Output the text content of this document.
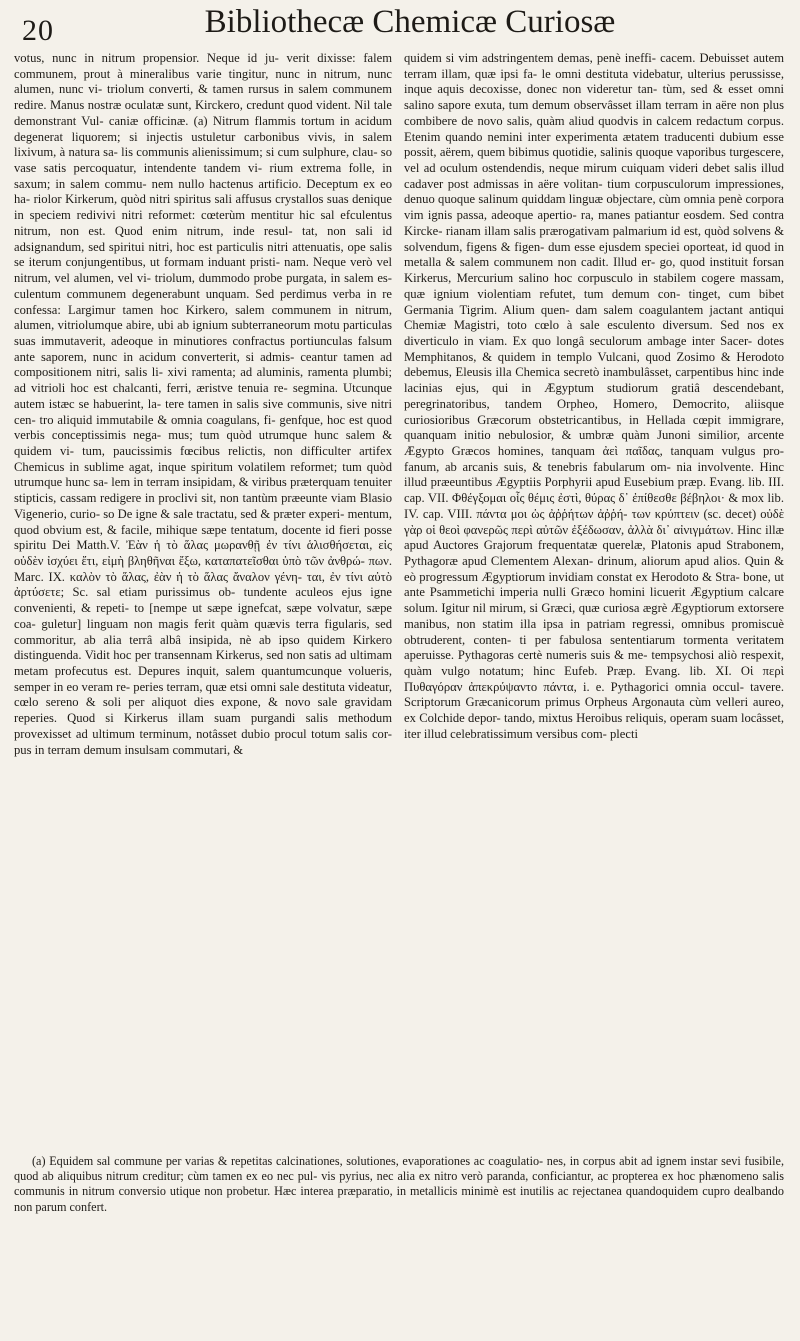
20	Bibliothecæ Chemicæ Curiosæ

votus, nunc in nitrum propensior. Neque id ju- verit dixisse: falem communem, prout à mineralibus varie tingitur, nunc in nitrum, nunc alumen, nunc vi- triolum converti, & tamen rursus in salem communem redire. Manus nostræ oculatæ sunt, Kirckero, credunt quod vident. Nil tale demonstrant Vul- caniæ officinæ. (a) Nitrum flammis tortum in acidum degenerat liquorem; si injectis ustuletur carbonibus vivis, in salem lixivum, à natura sa- lis communis alienissimum; si cum sulphure, clau- so vase satis percoquatur, intendente tandem vi- rium extrema folle, in saxum; in salem commu- nem nullo hactenus artificio. Deceptum ex eo ha- riolor Kirkerum, quòd nitri spiritus sali affusus crystallos suas denique in speciem redivivi nitri reformet: cœterùm mentitur hic sal efculentus nitrum, non est. Quod enim nitrum, inde resul- tat, non sali id adsignandum, sed spiritui nitri, hoc est particulis nitri attenuatis, ope salis se iterum conjungentibus, ut formam induant pristi- nam. Neque verò vel nitrum, vel alumen, vel vi- triolum, dummodo probe purgata, in salem es- culentum communem degenerabunt unquam. Sed perdimus verba in re confessa: Largimur tamen hoc Kirkero, salem communem in nitrum, alumen, vitriolumque abire, ubi ab ignium subterraneorum motu particulas suas immutaverit, adeoque in minutiores confractus portiunculas falsum ante saporem, nunc in acidum converterit, si admis- ceantur tamen ad compositionem nitri, salis li- xivi ramenta; ad aluminis, ramenta plumbi; ad vitrioli hoc est chalcanti, ferri, æristve tenuia re- segmina. Utcunque autem istæc se habuerint, la- tere tamen in salis sive communis, sive nitri cen- tro aliquid immutabile & omnia coagulans, fi- genfque, hoc est quod verbis conceptissimis nega- mus; tum quòd utrumque hunc salem & quidem vi- tum, paucissimis fœcibus relictis, non difficulter artifex Chemicus in sublime agat, inque spiritum volatilem reformet; tum quòd utrumque hunc sa- lem in terram insipidam, & viribus præterquam tenuiter stipticis, cassam redigere in proclivi sit, non tantùm præeunte viam Blasio Vigenerio, curio- so De igne & sale tractatu, sed & præter experi- mentum, quod obvium est, & facile, mihique sæpe tentatum, docente id fieri posse spiritu Dei Matth.V. Ἐὰν ἡ τὸ ἅλας μωρανθῇ ἐν τίνι ἁλισθήσεται, εἰς οὐδὲν ἰσχύει ἔτι, εἰμὴ βληθῆναι ἔξω, καταπατεῖσθαι ὑπὸ τῶν ἀνθρώ- πων. Marc. IX. καλὸν τὸ ἅλας, ἐὰν ἡ τὸ ἅλας ἄναλον γένη- ται, ἐν τίνι αὐτὸ ἀρτύσετε; Sc. sal etiam purissimus ob- tundente aculeos ejus igne convenienti, & repeti- to [nempe ut sæpe ignefcat, sæpe volvatur, sæpe coa- guletur] linguam non magis ferit quàm quævis terra figularis, sed commoritur, ab alia terrâ albâ insipida, nè ab ipso quidem Kirkero distinguenda. Vidit hoc per transennam Kirkerus, sed non satis ad ultimam metam profecutus est. Depures inquit, salem quantumcunque volueris, semper in eo veram re- peries terram, quæ etsi omni sale destituta videatur, cœlo sereno & soli per aliquot dies expone, & novo sale gravidam reperies. Quod si Kirkerus illam suam purgandi salis methodum provexisset ad ultimum terminum, notâsset dubio procul totum salis cor- pus in terram demum insulsam commutari, &

quidem si vim adstringentem demas, penè ineffi- cacem. Debuisset autem terram illam, quæ ipsi fa- le omni destituta videbatur, ulterius perussisse, inque aquis decoxisse, donec non videretur tan- tùm, sed & esset omni salino sapore exuta, tum demum observâsset illam terram in aëre non plus combibere de novo salis, quàm aliud quodvis in calcem redactum corpus. Etenim quando nemini inter experimenta ætatem traducenti dubium esse possit, aërem, quem bibimus quotidie, salinis quoque vaporibus turgescere, vel ad oculum ostendendis, neque mirum cuiquam videri debet salis illud cadaver post admissas in aëre volitan- tium corpusculorum impressiones, denuo quoque salinum quiddam linguæ objectare, cùm omnia penè corpora vim ignis passa, adeoque apertio- ra, manes patiantur eosdem. Sed contra Kircke- rianam illam salis prærogativam palmarium id est, quòd solvens & solvendum, figens & figen- dum esse ejusdem speciei oporteat, id quod in metalla & salem communem non cadit. Illud er- go, quod instituit forsan Kirkerus, Mercurium salino hoc corpusculo in stabilem cogere massam, quæ ignium violentiam refutet, tum demum con- tinget, cum bibet Germania Tigrim. Alium quen- dam salem coagulantem jactant antiqui Chemiæ Magistri, toto cœlo à sale esculento diversum. Sed nos ex diverticulo in viam. Ex quo longâ seculorum ambage inter Sacer- dotes Memphitanos, & quidem in templo Vulcani, quod Zosimo & Herodoto debemus, Eleusis illa Chemica secretò inambulâsset, carpentibus hinc inde lacinias ejus, qui in Ægyptum studiorum gratiâ descendebant, peregrinatoribus, tandem Orpheo, Homero, Democrito, aliisque curiosioribus Græcorum obstetricantibus, in Hellada cœpit immigrare, quanquam initio nebulosior, & umbræ quàm Junoni similior, arcente Ægypto Græcos homines, tanquam ἀεὶ παῖδας, tanquam vulgus pro- fanum, ab arcanis suis, & tenebris fabularum om- nia involvente. Hinc illud præeuntibus Ægyptiis Porphyrii apud Eusebium præp. Evang. lib. III. cap. VII. Φθέγξομαι οἷς θέμις ἐστὶ, θύρας δ᾽ ἐπίθεσθε βέβηλοι· & mox lib. IV. cap. VIII. πάντα μοι ὡς ἀῤῥήτων ἀῤῥή- των κρύπτειν (sc. decet) οὐδὲ γὰρ οἱ θεοὶ φανερῶς περὶ αὐτῶν ἐξέδωσαν, ἀλλὰ δι᾽ αἰνιγμάτων. Hinc illæ apud Auctores Grajorum frequentatæ querelæ, Platonis apud Strabonem, Pythagoræ apud Clementem Alexan- drinum, aliorum apud alios. Quin & eò progressum Ægyptiorum invidiam constat ex Herodoto & Stra- bone, ut ante Psammetichi imperia nulli Græco homini licuerit Ægyptium calcare solum. Igitur nil mirum, si Græci, quæ curiosa ægrè Ægyptiorum extorsere manibus, non statim illa ipsa in patriam regressi, omnibus promiscuè obtruderent, conten- ti per fabulosa sententiarum tormenta veritatem aperuisse. Pythagoras certè numeris suis & me- tempsychosi aliò respexit, quàm vulgo notatum; hinc Eufeb. Præp. Evang. lib. XI. Οἱ περὶ Πυθαγόραν ἀπεκρύψαντο πάντα, i. e. Pythagorici omnia occul- tavere. Scriptorum Græcanicorum primus Orpheus Argonauta cùm velleri aureo, ex Colchide depor- tando, mixtus Heroibus reliquis, operam suam locâsset, iter illud celebratissimum versibus com- plecti

(a) Equidem sal commune per varias & repetitas calcinationes, solutiones, evaporationes ac coagulatio- nes, in corpus abit ad ignem instar sevi fusibile, quod ab aliquibus nitrum creditur; cùm tamen ex eo nec pul- vis pyrius, nec alia ex nitro verò paranda, conficiantur, ac propterea ex hoc phænomeno salis communis in nitrum conversio utique non probetur. Hæc interea præparatio, in metallicis minimè est inutilis ac rejectanea quandoquidem cupro dealbando non parum confert.
